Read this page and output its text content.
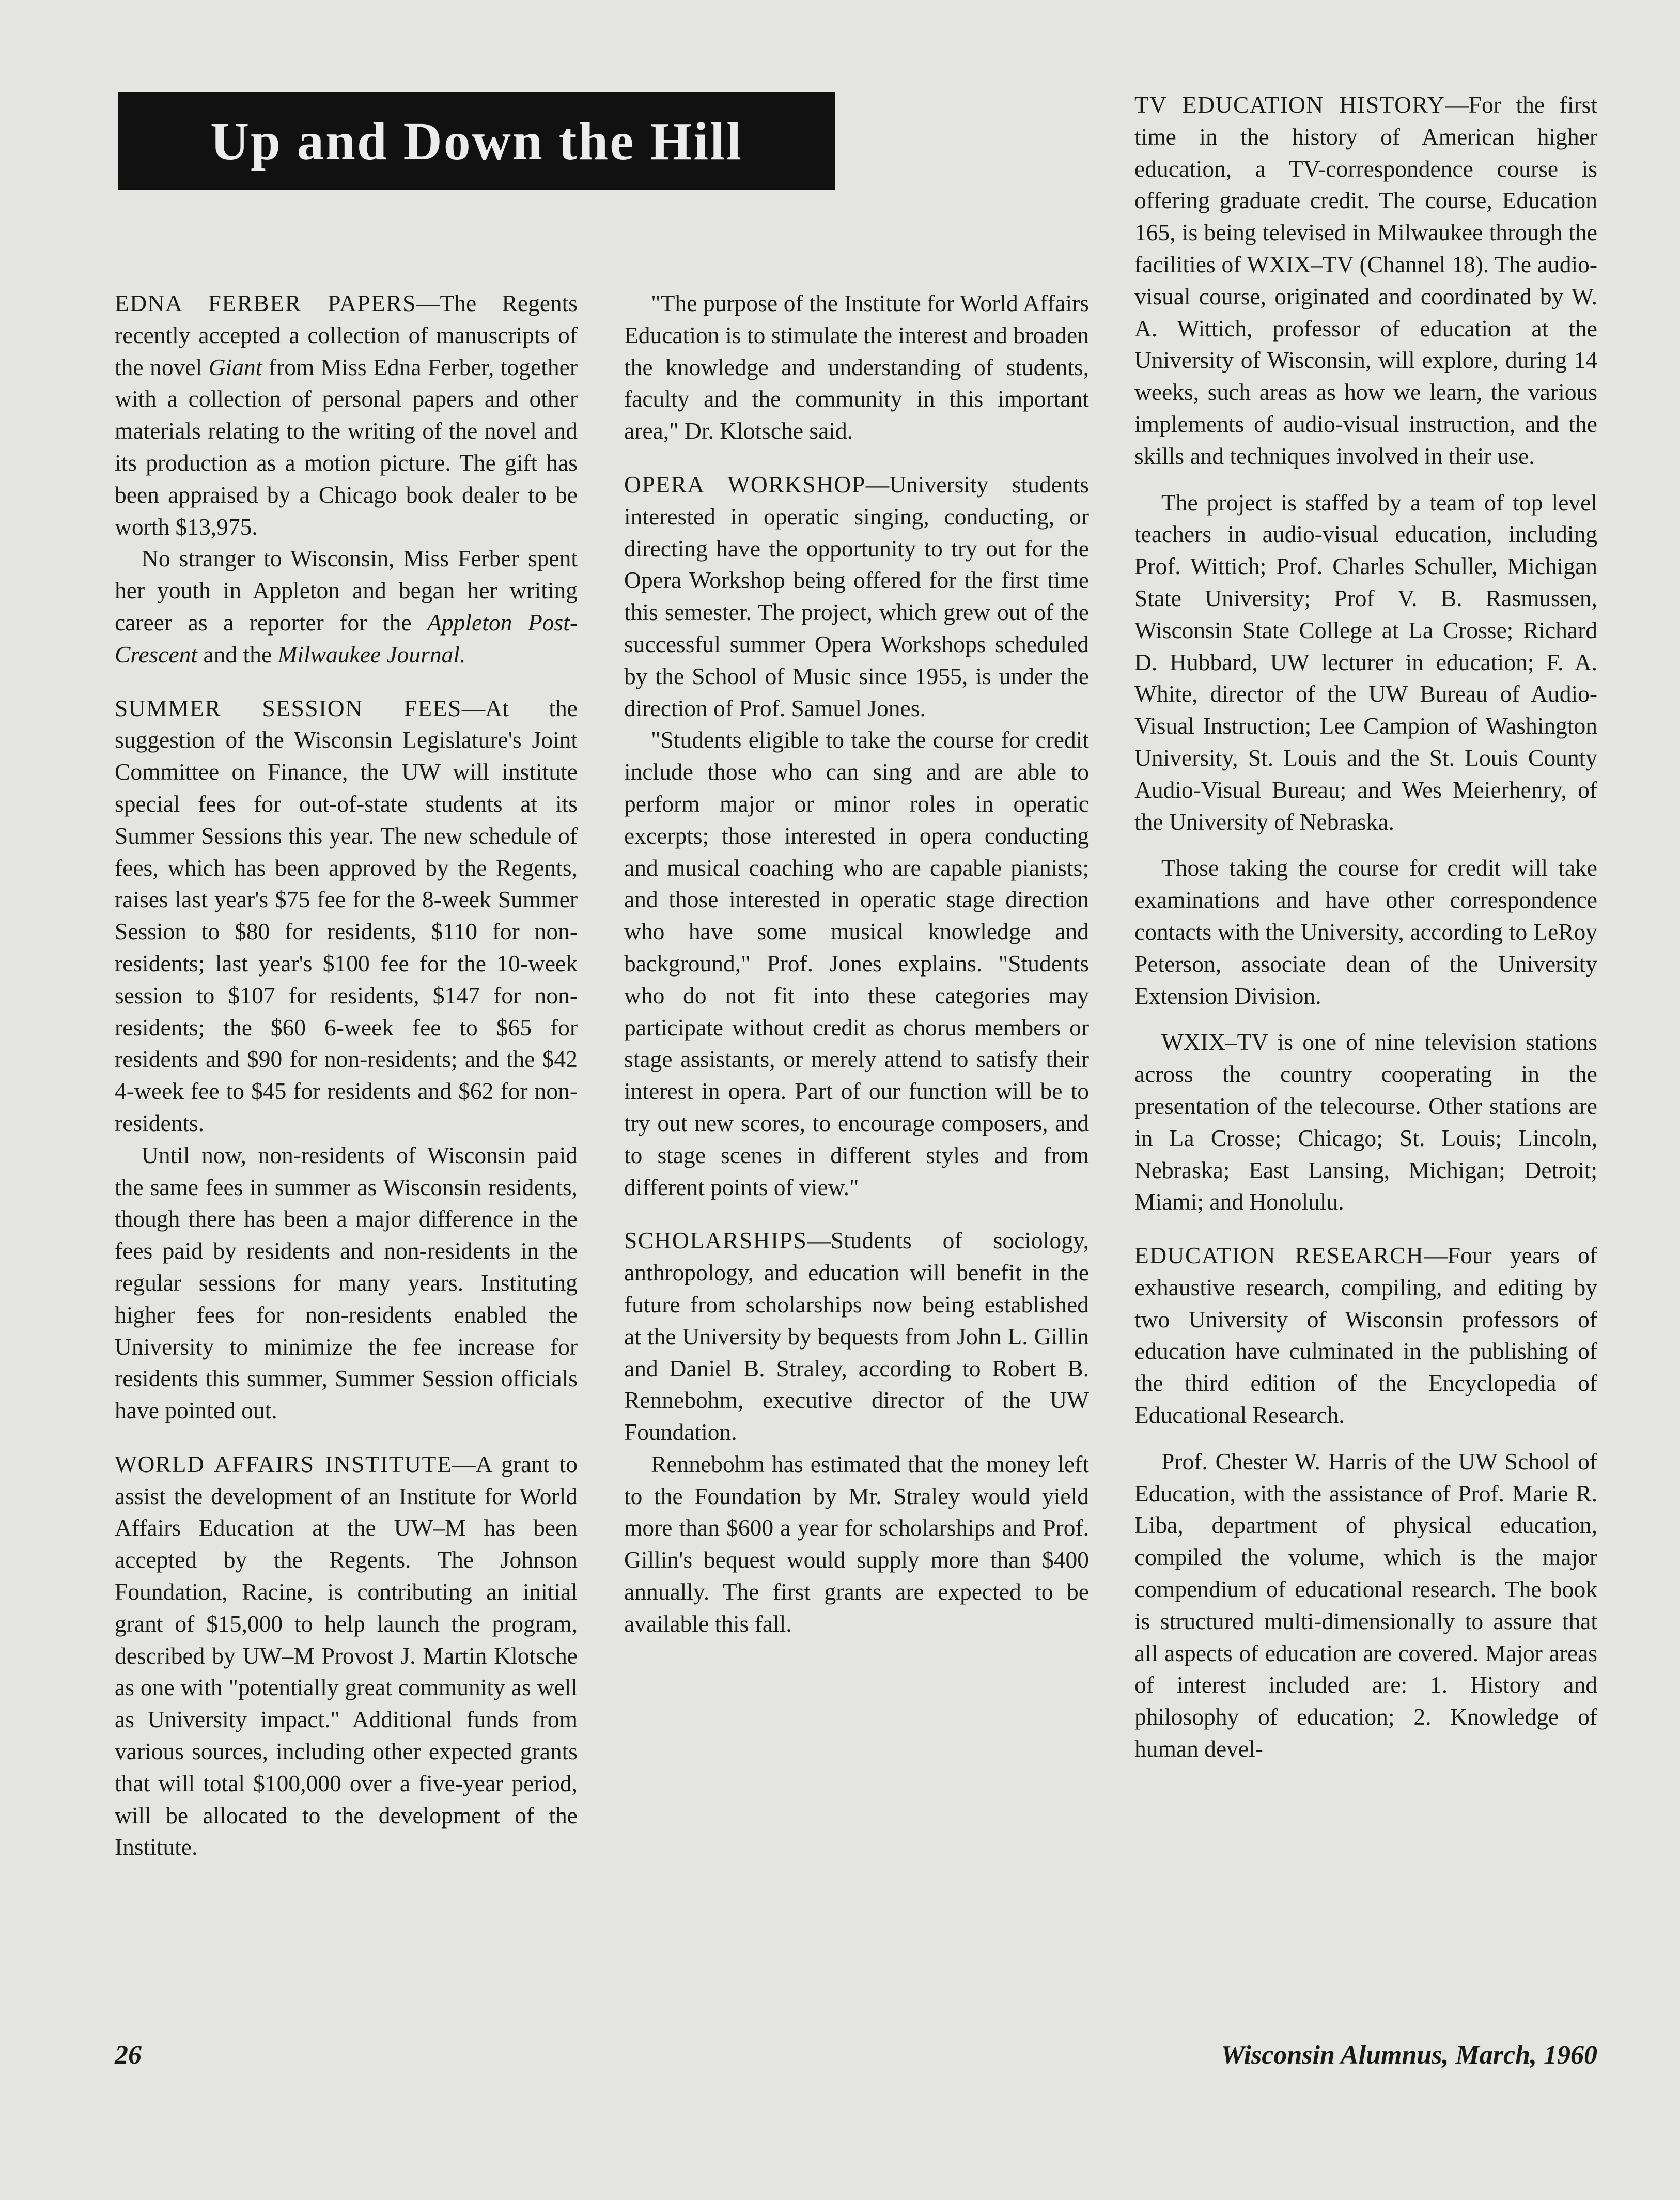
Up and Down the Hill

EDNA FERBER PAPERS—The Regents recently accepted a collection of manuscripts of the novel Giant from Miss Edna Ferber, together with a collection of personal papers and other materials relating to the writing of the novel and its production as a motion picture. The gift has been appraised by a Chicago book dealer to be worth $13,975.

No stranger to Wisconsin, Miss Ferber spent her youth in Appleton and began her writing career as a reporter for the Appleton Post-Crescent and the Milwaukee Journal.

SUMMER SESSION FEES—At the suggestion of the Wisconsin Legislature's Joint Committee on Finance, the UW will institute special fees for out-of-state students at its Summer Sessions this year. The new schedule of fees, which has been approved by the Regents, raises last year's $75 fee for the 8-week Summer Session to $80 for residents, $110 for non-residents; last year's $100 fee for the 10-week session to $107 for residents, $147 for non-residents; the $60 6-week fee to $65 for residents and $90 for non-residents; and the $42 4-week fee to $45 for residents and $62 for non-residents.

Until now, non-residents of Wisconsin paid the same fees in summer as Wisconsin residents, though there has been a major difference in the fees paid by residents and non-residents in the regular sessions for many years. Instituting higher fees for non-residents enabled the University to minimize the fee increase for residents this summer, Summer Session officials have pointed out.

WORLD AFFAIRS INSTITUTE—A grant to assist the development of an Institute for World Affairs Education at the UW–M has been accepted by the Regents. The Johnson Foundation, Racine, is contributing an initial grant of $15,000 to help launch the program, described by UW–M Provost J. Martin Klotsche as one with "potentially great community as well as University impact." Additional funds from various sources, including other expected grants that will total $100,000 over a five-year period, will be allocated to the development of the Institute.

"The purpose of the Institute for World Affairs Education is to stimulate the interest and broaden the knowledge and understanding of students, faculty and the community in this important area," Dr. Klotsche said.

OPERA WORKSHOP—University students interested in operatic singing, conducting, or directing have the opportunity to try out for the Opera Workshop being offered for the first time this semester. The project, which grew out of the successful summer Opera Workshops scheduled by the School of Music since 1955, is under the direction of Prof. Samuel Jones.

"Students eligible to take the course for credit include those who can sing and are able to perform major or minor roles in operatic excerpts; those interested in opera conducting and musical coaching who are capable pianists; and those interested in operatic stage direction who have some musical knowledge and background," Prof. Jones explains. "Students who do not fit into these categories may participate without credit as chorus members or stage assistants, or merely attend to satisfy their interest in opera. Part of our function will be to try out new scores, to encourage composers, and to stage scenes in different styles and from different points of view."

SCHOLARSHIPS—Students of sociology, anthropology, and education will benefit in the future from scholarships now being established at the University by bequests from John L. Gillin and Daniel B. Straley, according to Robert B. Rennebohm, executive director of the UW Foundation.

Rennebohm has estimated that the money left to the Foundation by Mr. Straley would yield more than $600 a year for scholarships and Prof. Gillin's bequest would supply more than $400 annually. The first grants are expected to be available this fall.

TV EDUCATION HISTORY—For the first time in the history of American higher education, a TV-correspondence course is offering graduate credit. The course, Education 165, is being televised in Milwaukee through the facilities of WXIX–TV (Channel 18). The audio-visual course, originated and coordinated by W. A. Wittich, professor of education at the University of Wisconsin, will explore, during 14 weeks, such areas as how we learn, the various implements of audio-visual instruction, and the skills and techniques involved in their use.

The project is staffed by a team of top level teachers in audio-visual education, including Prof. Wittich; Prof. Charles Schuller, Michigan State University; Prof V. B. Rasmussen, Wisconsin State College at La Crosse; Richard D. Hubbard, UW lecturer in education; F. A. White, director of the UW Bureau of Audio-Visual Instruction; Lee Campion of Washington University, St. Louis and the St. Louis County Audio-Visual Bureau; and Wes Meierhenry, of the University of Nebraska.

Those taking the course for credit will take examinations and have other correspondence contacts with the University, according to LeRoy Peterson, associate dean of the University Extension Division.

WXIX–TV is one of nine television stations across the country cooperating in the presentation of the telecourse. Other stations are in La Crosse; Chicago; St. Louis; Lincoln, Nebraska; East Lansing, Michigan; Detroit; Miami; and Honolulu.

EDUCATION RESEARCH—Four years of exhaustive research, compiling, and editing by two University of Wisconsin professors of education have culminated in the publishing of the third edition of the Encyclopedia of Educational Research.

Prof. Chester W. Harris of the UW School of Education, with the assistance of Prof. Marie R. Liba, department of physical education, compiled the volume, which is the major compendium of educational research. The book is structured multi-dimensionally to assure that all aspects of education are covered. Major areas of interest included are: 1. History and philosophy of education; 2. Knowledge of human devel-

26	Wisconsin Alumnus, March, 1960
